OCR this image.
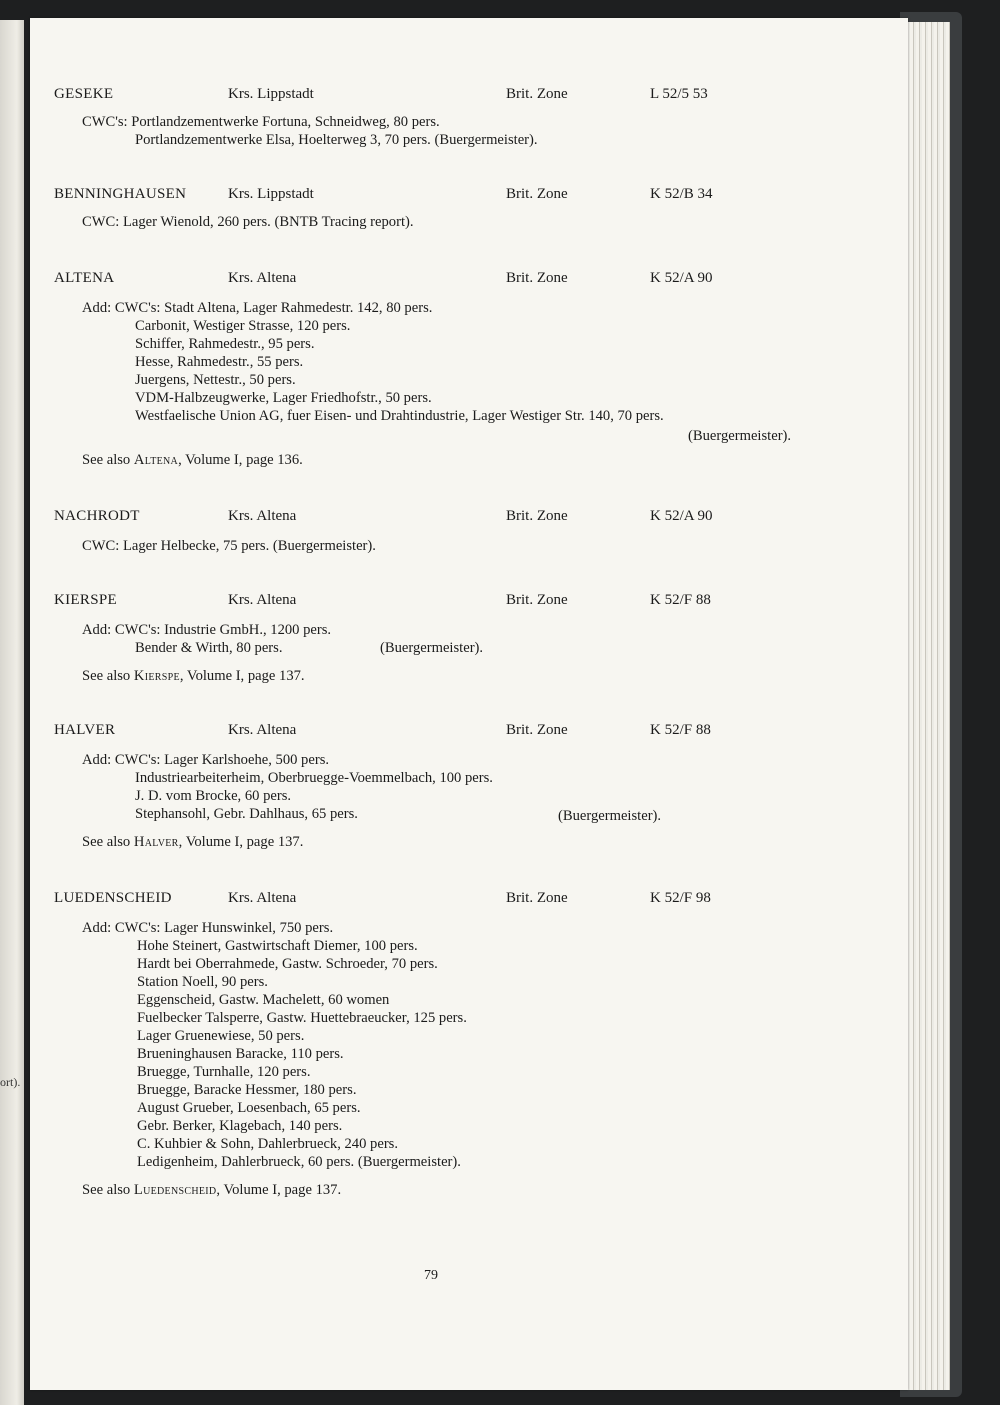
ort).
GESEKE	Krs. Lippstadt	Brit. Zone	L 52/5 53
CWC's: Portlandzementwerke Fortuna, Schneidweg, 80 pers.
Portlandzementwerke Elsa, Hoelterweg 3, 70 pers. (Buergermeister).
BENNINGHAUSEN	Krs. Lippstadt	Brit. Zone	K 52/B 34
CWC: Lager Wienold, 260 pers. (BNTB Tracing report).
ALTENA	Krs. Altena	Brit. Zone	K 52/A 90
Add: CWC's: Stadt Altena, Lager Rahmedestr. 142, 80 pers.
Carbonit, Westiger Strasse, 120 pers.
Schiffer, Rahmedestr., 95 pers.
Hesse, Rahmedestr., 55 pers.
Juergens, Nettestr., 50 pers.
VDM-Halbzeugwerke, Lager Friedhofstr., 50 pers.
Westfaelische Union AG, fuer Eisen- und Drahtindustrie, Lager Westiger Str. 140, 70 pers.
(Buergermeister).
See also Altena, Volume I, page 136.
NACHRODT	Krs. Altena	Brit. Zone	K 52/A 90
CWC: Lager Helbecke, 75 pers. (Buergermeister).
KIERSPE	Krs. Altena	Brit. Zone	K 52/F 88
Add: CWC's: Industrie GmbH., 1200 pers.
Bender & Wirth, 80 pers.	(Buergermeister).
See also Kierspe, Volume I, page 137.
HALVER	Krs. Altena	Brit. Zone	K 52/F 88
Add: CWC's: Lager Karlshoehe, 500 pers.
Industriearbeiterheim, Oberbruegge-Voemmelbach, 100 pers.
J. D. vom Brocke, 60 pers.
Stephansohl, Gebr. Dahlhaus, 65 pers.	(Buergermeister).
See also Halver, Volume I, page 137.
LUEDENSCHEID	Krs. Altena	Brit. Zone	K 52/F 98
Add: CWC's: Lager Hunswinkel, 750 pers.
Hohe Steinert, Gastwirtschaft Diemer, 100 pers.
Hardt bei Oberrahmede, Gastw. Schroeder, 70 pers.
Station Noell, 90 pers.
Eggenscheid, Gastw. Machelett, 60 women
Fuelbecker Talsperre, Gastw. Huettebraeucker, 125 pers.
Lager Gruenewiese, 50 pers.
Brueninghausen Baracke, 110 pers.
Bruegge, Turnhalle, 120 pers.
Bruegge, Baracke Hessmer, 180 pers.
August Grueber, Loesenbach, 65 pers.
Gebr. Berker, Klagebach, 140 pers.
C. Kuhbier & Sohn, Dahlerbrueck, 240 pers.
Ledigenheim, Dahlerbrueck, 60 pers. (Buergermeister).
See also Luedenscheid, Volume I, page 137.
79
